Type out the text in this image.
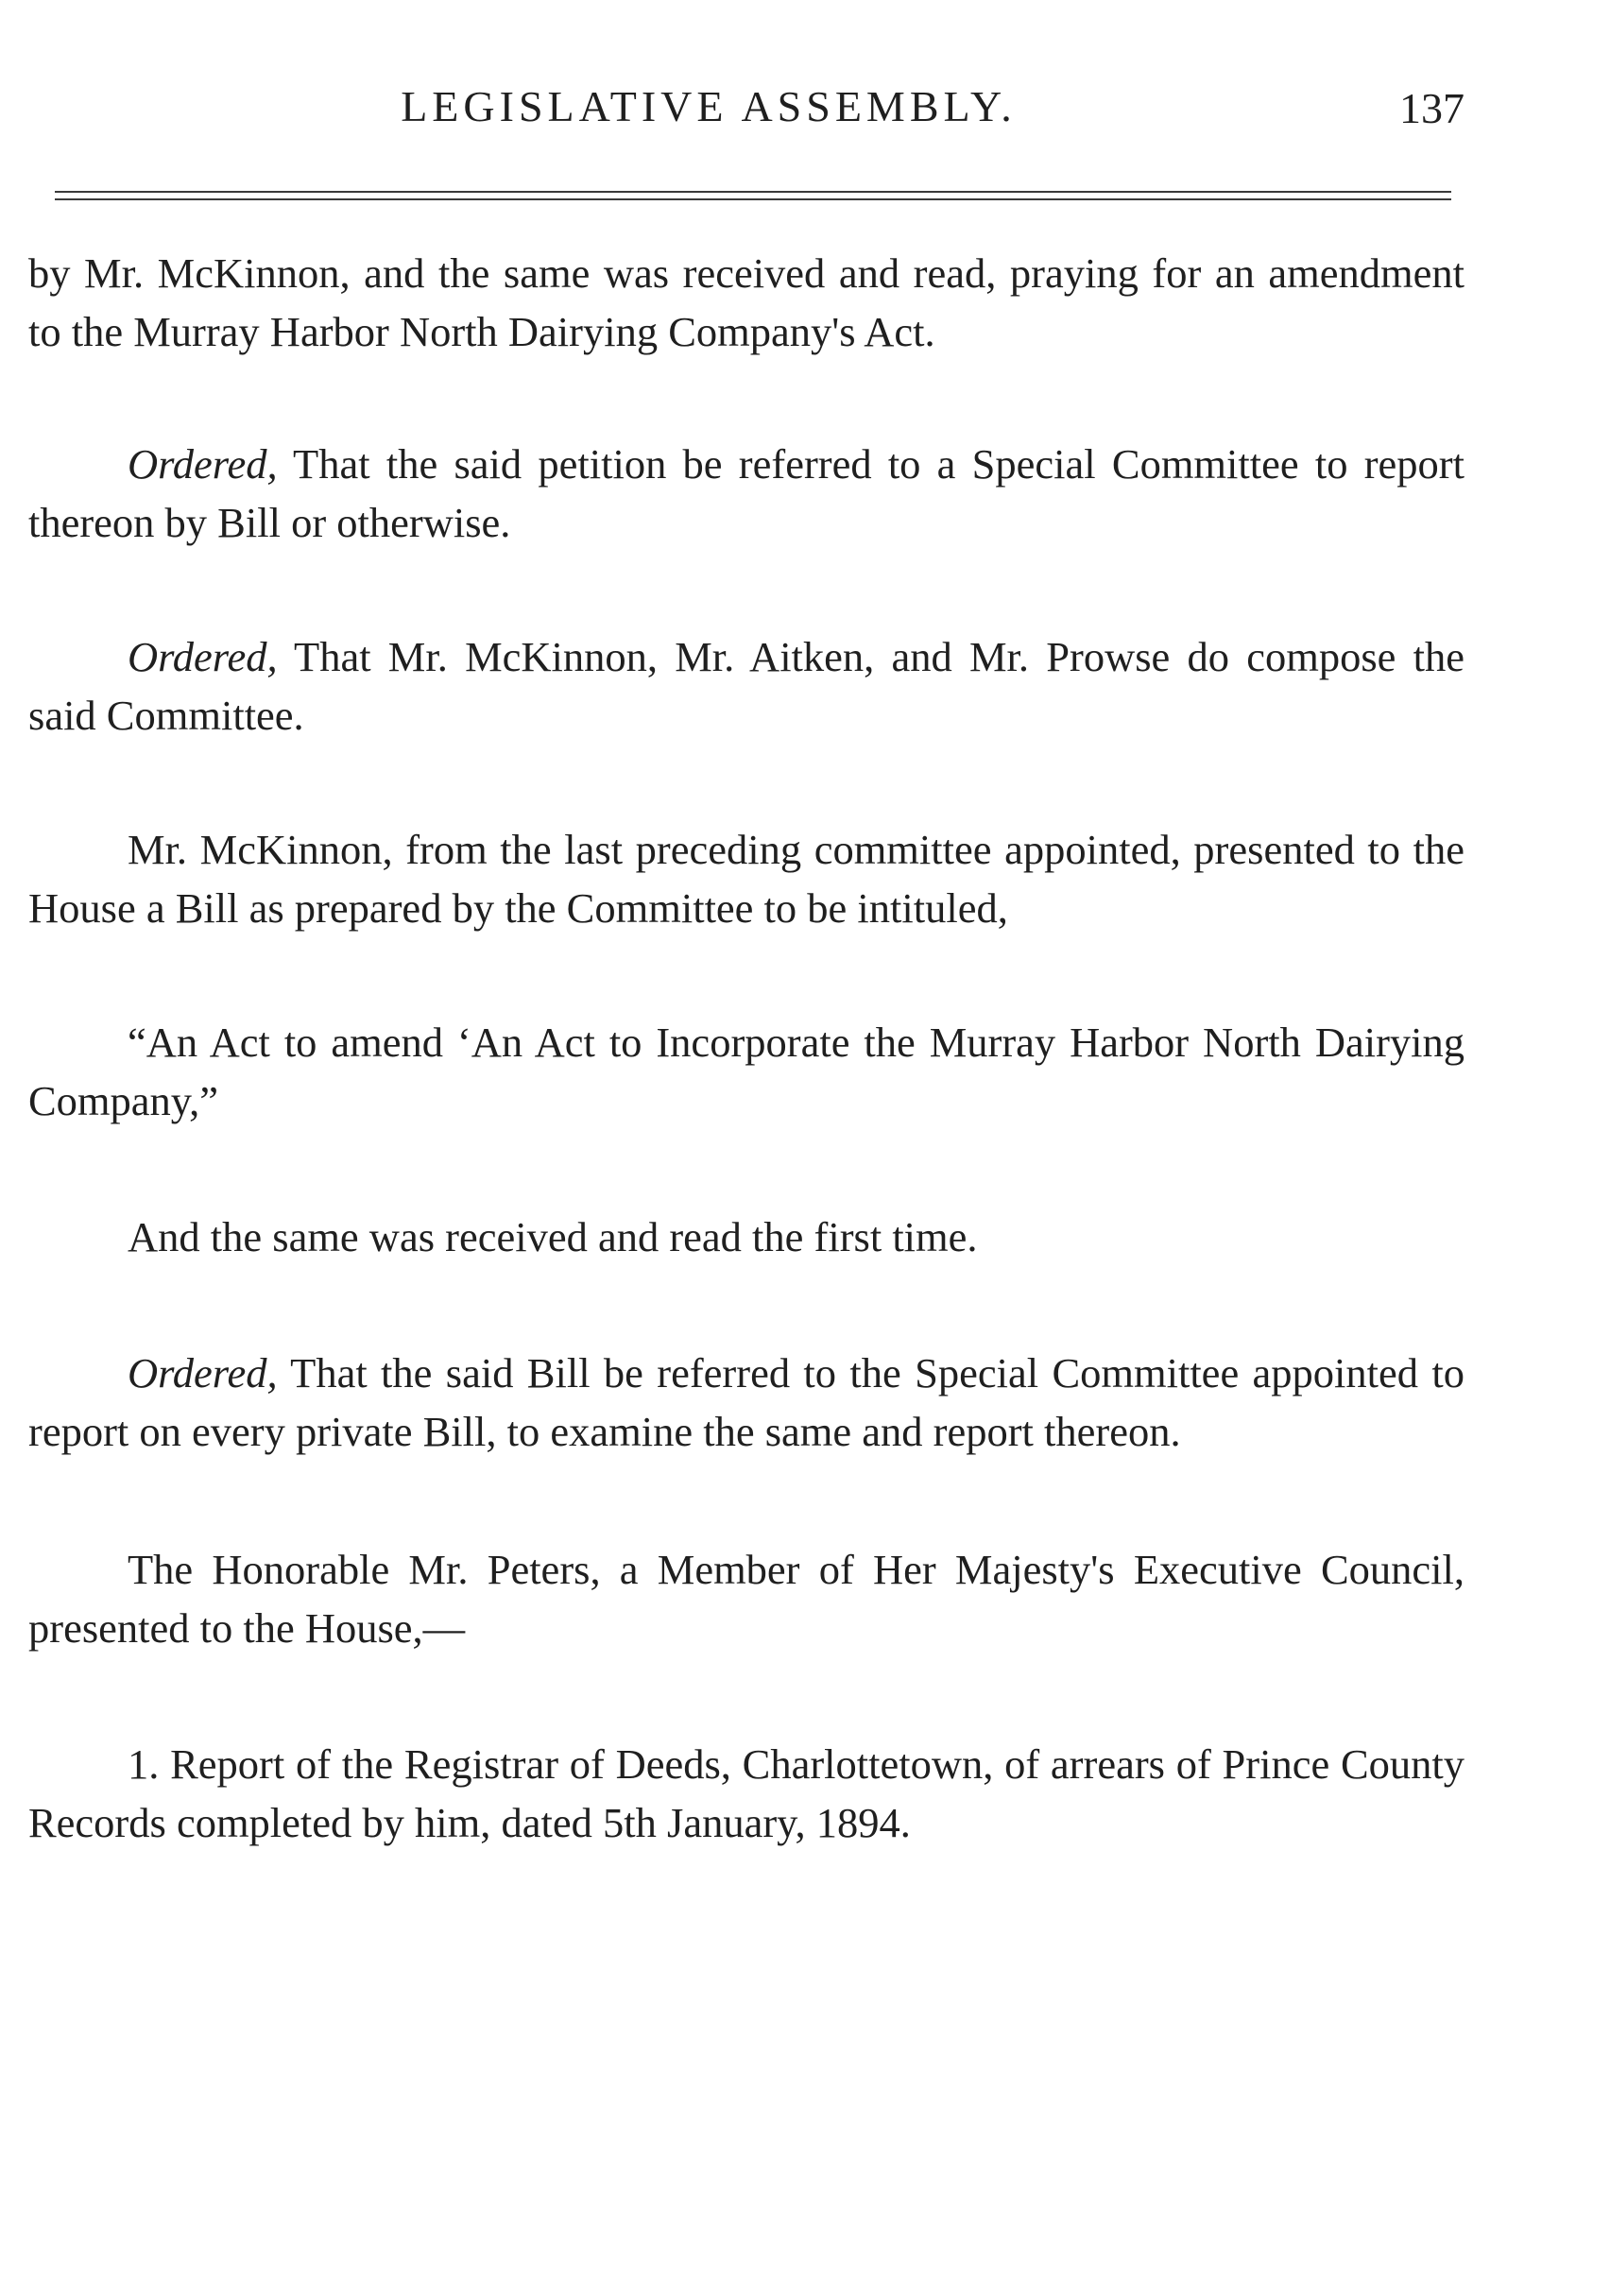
LEGISLATIVE ASSEMBLY.	137

by Mr. McKinnon, and the same was received and read, praying for an amendment to the Murray Harbor North Dairying Company's Act.

Ordered, That the said petition be referred to a Special Committee to report thereon by Bill or otherwise.

Ordered, That Mr. McKinnon, Mr. Aitken, and Mr. Prowse do compose the said Committee.

Mr. McKinnon, from the last preceding committee appointed, presented to the House a Bill as prepared by the Committee to be intituled,

“An Act to amend ‘An Act to Incorporate the Murray Harbor North Dairying Company,”

And the same was received and read the first time.

Ordered, That the said Bill be referred to the Special Committee appointed to report on every private Bill, to examine the same and report thereon.

The Honorable Mr. Peters, a Member of Her Majesty's Executive Council, presented to the House,—

1. Report of the Registrar of Deeds, Charlottetown, of arrears of Prince County Records completed by him, dated 5th January, 1894.
